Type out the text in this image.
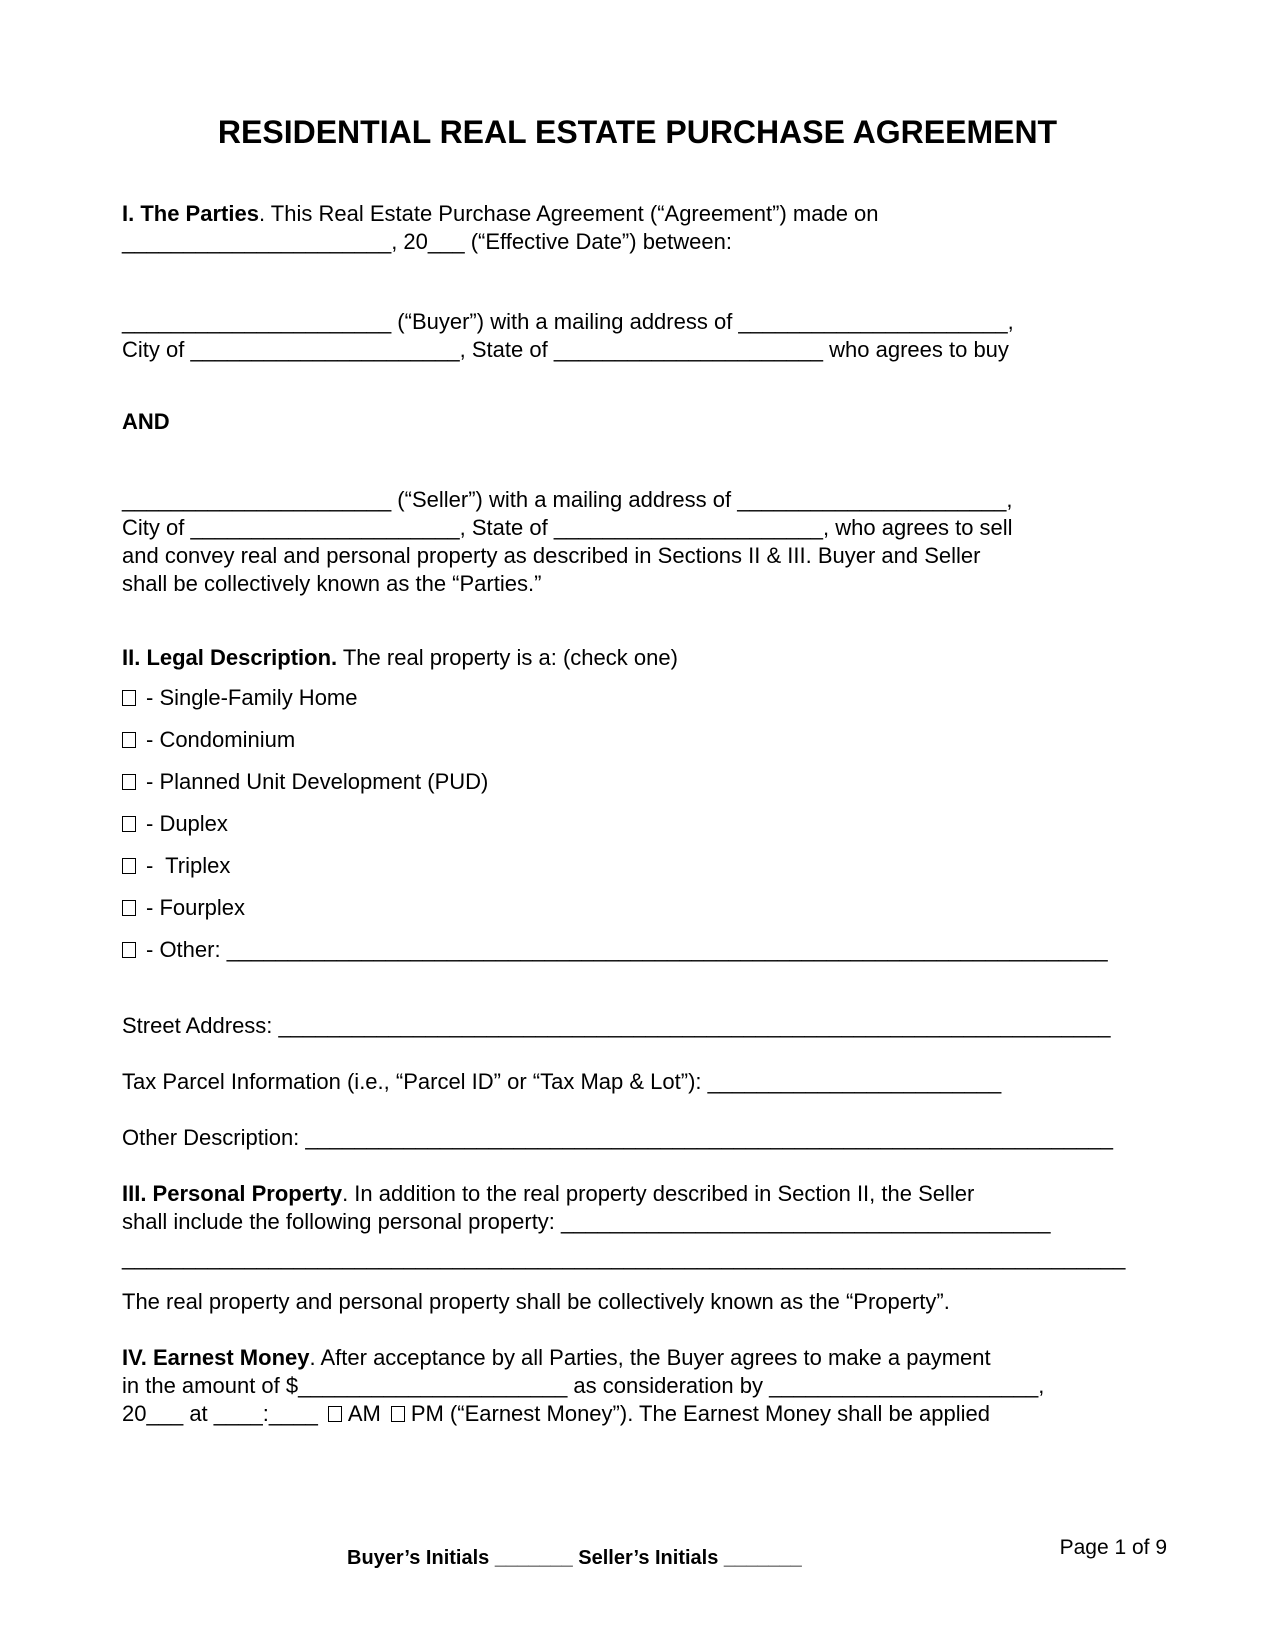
RESIDENTIAL REAL ESTATE PURCHASE AGREEMENT
I. The Parties. This Real Estate Purchase Agreement (“Agreement”) made on
______________________, 20___ (“Effective Date”) between:
______________________ (“Buyer”) with a mailing address of ______________________,
City of ______________________, State of ______________________ who agrees to buy
AND
______________________ (“Seller”) with a mailing address of ______________________,
City of ______________________, State of ______________________, who agrees to sell
and convey real and personal property as described in Sections II & III. Buyer and Seller
shall be collectively known as the “Parties.”
II. Legal Description. The real property is a: (check one)
- Single-Family Home
- Condominium
- Planned Unit Development (PUD)
- Duplex
-  Triplex
- Fourplex
- Other: ________________________________________________________________________
Street Address: ____________________________________________________________________
Tax Parcel Information (i.e., “Parcel ID” or “Tax Map & Lot”): ________________________
Other Description: __________________________________________________________________
III. Personal Property. In addition to the real property described in Section II, the Seller
shall include the following personal property: ________________________________________
__________________________________________________________________________________
The real property and personal property shall be collectively known as the “Property”.
IV. Earnest Money. After acceptance by all Parties, the Buyer agrees to make a payment
in the amount of $______________________ as consideration by ______________________,
20___ at ____:____ AM PM (“Earnest Money”). The Earnest Money shall be applied
Buyer’s Initials _______ Seller’s Initials _______	Page 1 of 9
